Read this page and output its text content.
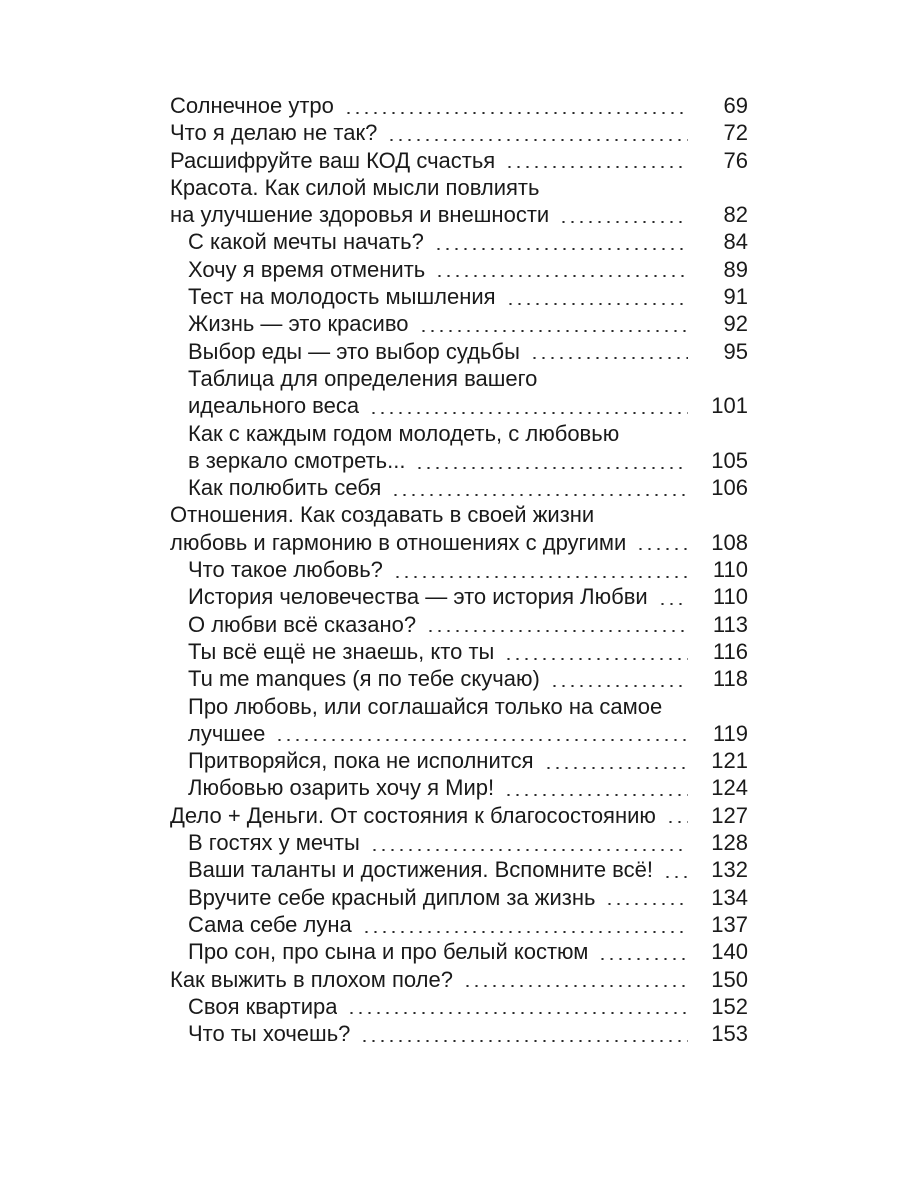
Солнечное утро	69
Что я делаю не так?	72
Расшифруйте ваш КОД счастья	76
Красота. Как силой мысли повлиять
на улучшение здоровья и внешности	82
С какой мечты начать?	84
Хочу я время отменить	89
Тест на молодость мышления	91
Жизнь — это красиво	92
Выбор еды — это выбор судьбы	95
Таблица для определения вашего
идеального веса	101
Как с каждым годом молодеть, с любовью
в зеркало смотреть...	105
Как полюбить себя	106
Отношения. Как создавать в своей жизни
любовь и гармонию в отношениях с другими	108
Что такое любовь?	110
История человечества — это история Любви	110
О любви всё сказано?	113
Ты всё ещё не знаешь, кто ты	116
Tu me manques (я по тебе скучаю)	118
Про любовь, или соглашайся только на самое
лучшее	119
Притворяйся, пока не исполнится	121
Любовью озарить хочу я Мир!	124
Дело + Деньги. От состояния к благосостоянию	127
В гостях у мечты	128
Ваши таланты и достижения. Вспомните всё!	132
Вручите себе красный диплом за жизнь	134
Сама себе луна	137
Про сон, про сына и про белый костюм	140
Как выжить в плохом поле?	150
Своя квартира	152
Что ты хочешь?	153
